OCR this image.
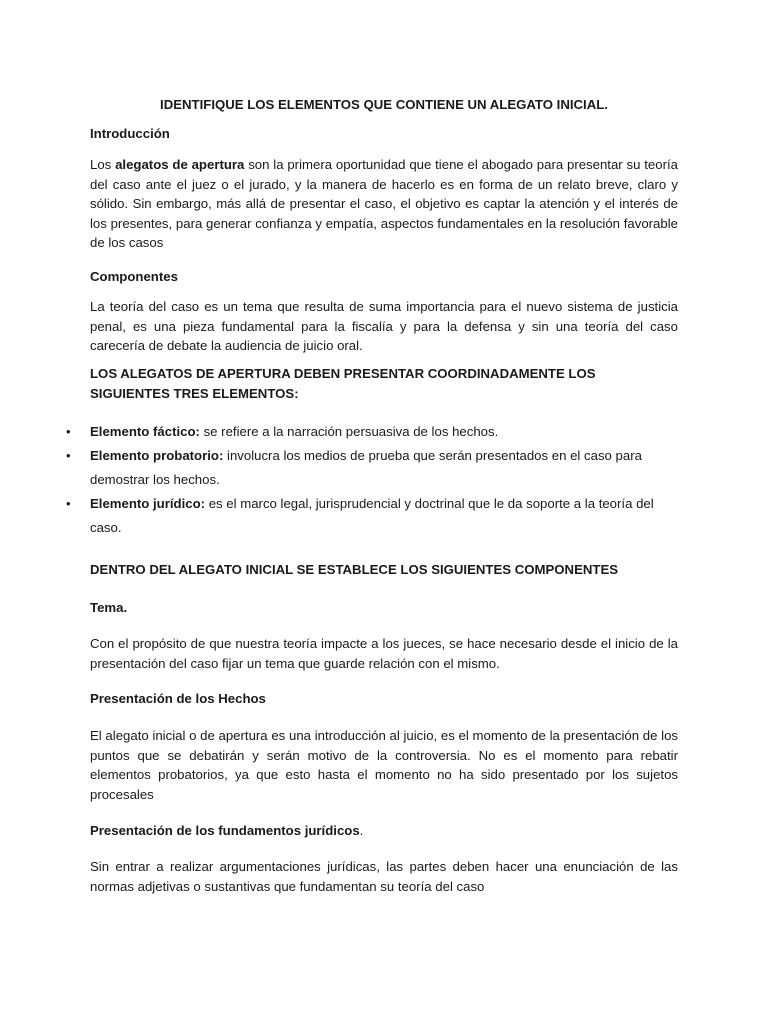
IDENTIFIQUE LOS ELEMENTOS QUE CONTIENE UN ALEGATO INICIAL.

Introducción

Los alegatos de apertura son la primera oportunidad que tiene el abogado para presentar su teoría del caso ante el juez o el jurado, y la manera de hacerlo es en forma de un relato breve, claro y sólido. Sin embargo, más allá de presentar el caso, el objetivo es captar la atención y el interés de los presentes, para generar confianza y empatía, aspectos fundamentales en la resolución favorable de los casos

Componentes

La teoría del caso es un tema que resulta de suma importancia para el nuevo sistema de justicia penal, es una pieza fundamental para la fiscalía y para la defensa y sin una teoría del caso carecería de debate la audiencia de juicio oral.

LOS ALEGATOS DE APERTURA DEBEN PRESENTAR COORDINADAMENTE LOS SIGUIENTES TRES ELEMENTOS:

• Elemento fáctico: se refiere a la narración persuasiva de los hechos.
• Elemento probatorio: involucra los medios de prueba que serán presentados en el caso para demostrar los hechos.
• Elemento jurídico: es el marco legal, jurisprudencial y doctrinal que le da soporte a la teoría del caso.

DENTRO DEL ALEGATO INICIAL SE ESTABLECE LOS SIGUIENTES COMPONENTES

Tema.

Con el propósito de que nuestra teoría impacte a los jueces, se hace necesario desde el inicio de la presentación del caso fijar un tema que guarde relación con el mismo.

Presentación de los Hechos

El alegato inicial o de apertura es una introducción al juicio, es el momento de la presentación de los puntos que se debatirán y serán motivo de la controversia. No es el momento para rebatir elementos probatorios, ya que esto hasta el momento no ha sido presentado por los sujetos procesales

Presentación de los fundamentos jurídicos.

Sin entrar a realizar argumentaciones jurídicas, las partes deben hacer una enunciación de las normas adjetivas o sustantivas que fundamentan su teoría del caso
